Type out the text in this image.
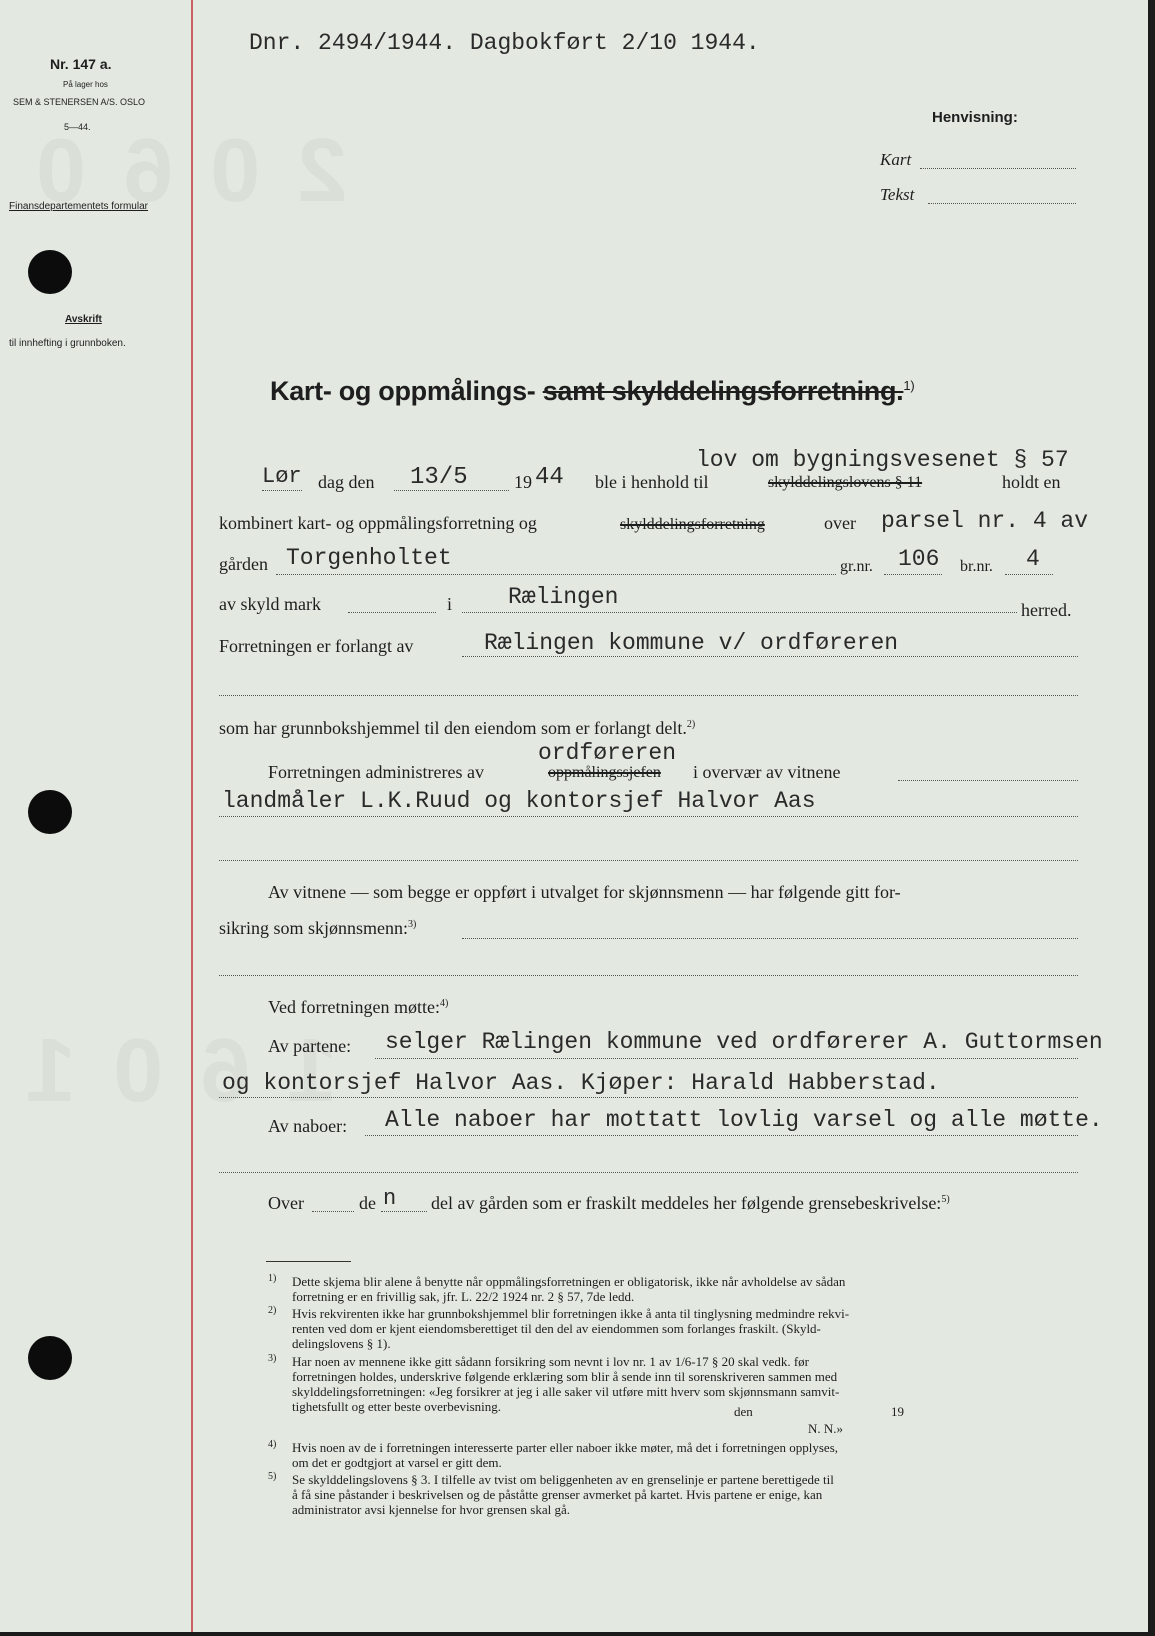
Nr. 147 a.
På lager hos
SEM & STENERSEN A/S. OSLO
5—44.
Finansdepartementets formular
Avskrift
til innhefting i grunnboken.
Dnr. 2494/1944. Dagbokført 2/10 1944.
Henvisning:
Kart
Tekst
Kart- og oppmålings- samt skylddelingsforretning.$^{1)}$
lov om bygningsvesenet § 57
Lør dag den 13/5	19 44 ble i henhold til	skylddelingslovens § 11	holdt en
kombinert kart- og oppmålingsforretning og	skylddelingsforretning	over parsel nr. 4 av
gården Torgenholtet	gr.nr. 106 br.nr. 4
av skyld mark	i Rælingen	herred.
Forretningen er forlangt av	Rælingen kommune v/ ordføreren
som har grunnbokshjemmel til den eiendom som er forlangt delt.$^{2)}$
ordføreren
Forretningen administreres av	oppmålingssjefen i overvær av vitnene
landmåler L.K.Ruud og kontorsjef Halvor Aas
Av vitnene — som begge er oppført i utvalget for skjønnsmenn — har følgende gitt for-
sikring som skjønnsmenn:$^{3)}$
Ved forretningen møtte:$^{4)}$
Av partene: selger Rælingen kommune ved ordførerer A. Guttormsen
og kontorsjef Halvor Aas. Kjøper: Harald Habberstad.
Av naboer: Alle naboer har mottatt lovlig varsel og alle møtte.
Over	de n del av gården som er fraskilt meddeles her følgende grensebeskrivelse:$^{5)}$
1) Dette skjema blir alene å benytte når oppmålingsforretningen er obligatorisk, ikke når avholdelse av sådan
forretning er en frivillig sak, jfr. L. 22/2 1924 nr. 2 § 57, 7de ledd.
2) Hvis rekvirenten ikke har grunnbokshjemmel blir forretningen ikke å anta til tinglysning medmindre rekvi-
renten ved dom er kjent eiendomsberettiget til den del av eiendommen som forlanges fraskilt. (Skyld-
delingslovens § 1).
3) Har noen av mennene ikke gitt sådann forsikring som nevnt i lov nr. 1 av 1/6-17 § 20 skal vedk. før
forretningen holdes, underskrive følgende erklæring som blir å sende inn til sorenskriveren sammen med
skylddelingsforretningen: «Jeg forsikrer at jeg i alle saker vil utføre mitt hverv som skjønnsmann samvit-
tighetsfullt og etter beste overbevisning.	den	19
N. N.»
4) Hvis noen av de i forretningen interesserte parter eller naboer ikke møter, må det i forretningen opplyses,
om det er godtgjort at varsel er gitt dem.
5) Se skylddelingslovens § 3. I tilfelle av tvist om beliggenheten av en grenselinje er partene berettigede til
å få sine påstander i beskrivelsen og de påståtte grenser avmerket på kartet. Hvis partene er enige, kan
administrator avsi kjennelse for hvor grensen skal gå.
